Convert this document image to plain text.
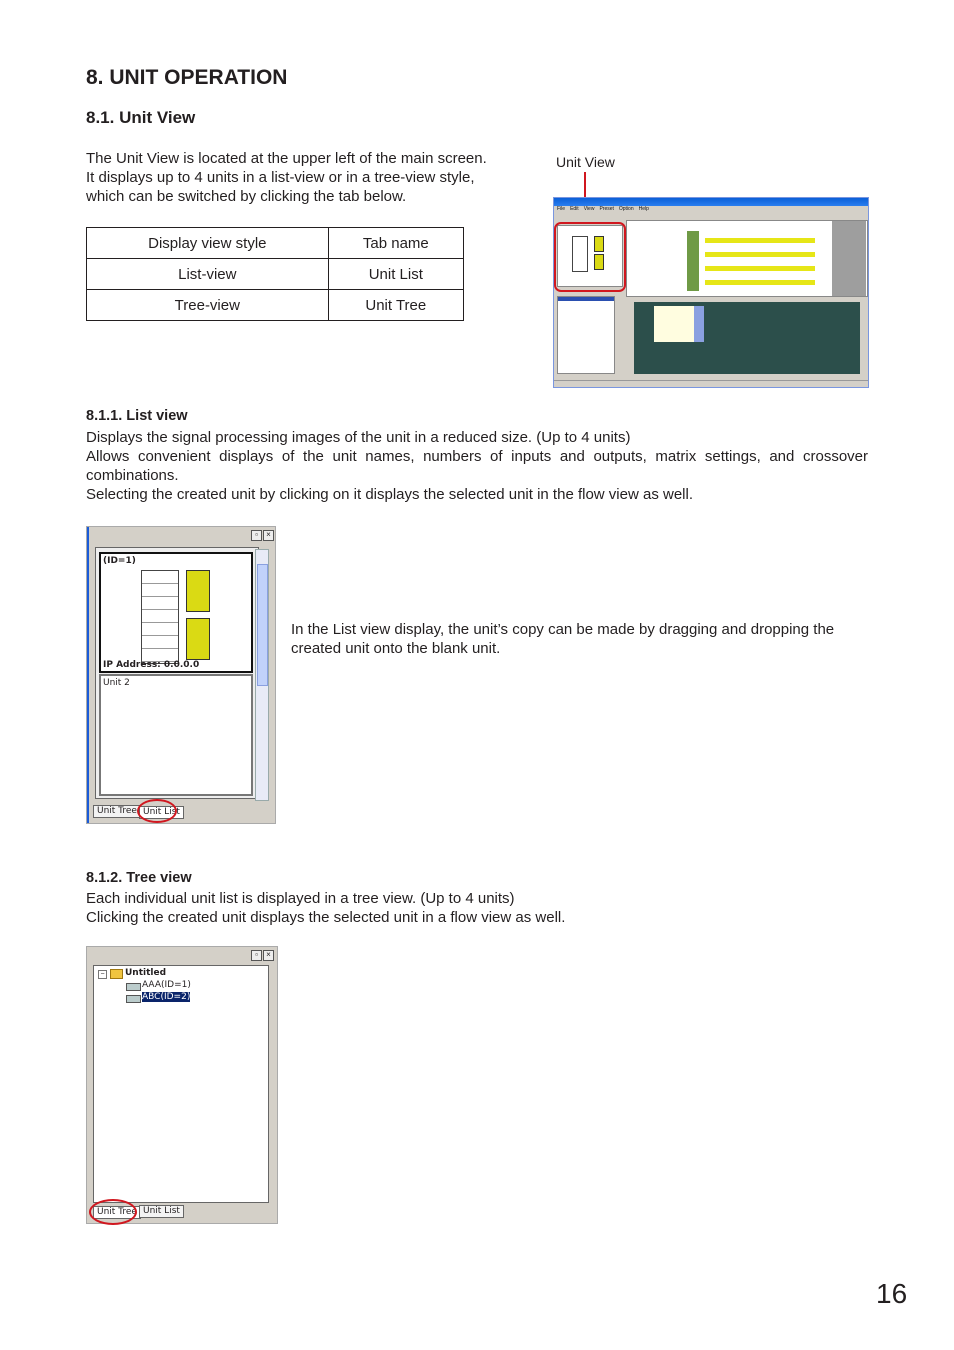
8. UNIT OPERATION
8.1. Unit View
The Unit View is located at the upper left of the main screen.
It displays up to 4 units in a list-view or in a tree-view style,
which can be switched by clicking the tab below.
Display view style	Tab name
List-view	Unit List
Tree-view	Unit Tree
Unit View

File Edit View Preset Option Help
8.1.1. List view
Displays the signal processing images of the unit in a reduced size. (Up to 4 units)
Allows convenient displays of the unit names, numbers of inputs and outputs, matrix settings, and crossover
combinations.
Selecting the created unit by clicking on it displays the selected unit in the flow view as well.
▫	×
(ID=1)
IP Address: 0.0.0.0
Unit 2
Unit Tree Unit List
In the List view display, the unit’s copy can be made by dragging and dropping the
created unit onto the blank unit.
8.1.2. Tree view
Each individual unit list is displayed in a tree view. (Up to 4 units)
Clicking the created unit displays the selected unit in a flow view as well.
▫	×
− Untitled
AAA(ID=1)
ABC(ID=2)
Unit Tree Unit List
16
